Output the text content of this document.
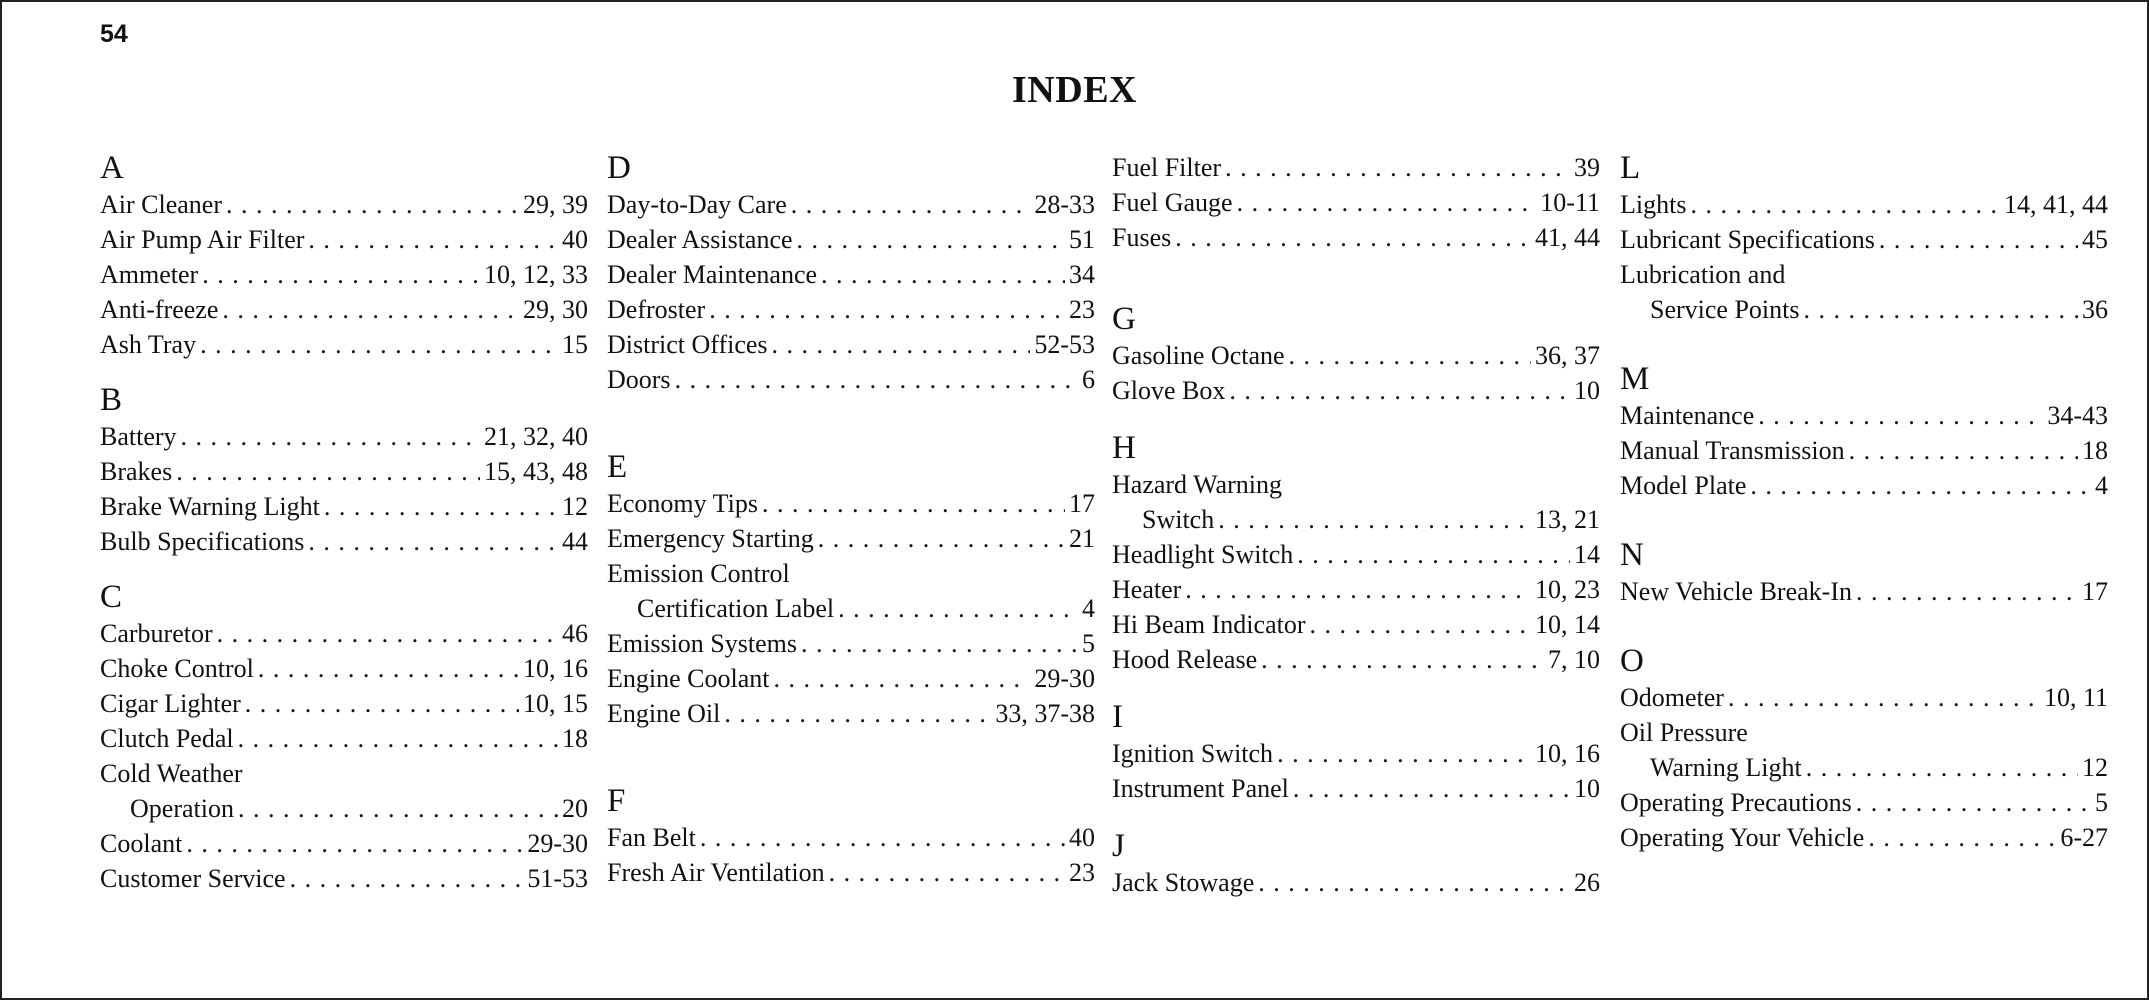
54
INDEX
A
Air Cleaner . . .	29, 39
Air Pump Air Filter . . .	40
Ammeter . . .	10, 12, 33
Anti-freeze . . .	29, 30
Ash Tray . . .	15
B
Battery . . .	21, 32, 40
Brakes . . .	15, 43, 48
Brake Warning Light . . .	12
Bulb Specifications . . .	44
C
Carburetor . . .	46
Choke Control . . .	10, 16
Cigar Lighter . . .	10, 15
Clutch Pedal . . .	18
Cold Weather
Operation . . .	20
Coolant . . .	29-30
Customer Service . . .	51-53
D
Day-to-Day Care . . .	28-33
Dealer Assistance . . .	51
Dealer Maintenance . . .	34
Defroster . . .	23
District Offices . . .	52-53
Doors . . .	6
E
Economy Tips . . .	17
Emergency Starting . . .	21
Emission Control
Certification Label . . .	4
Emission Systems . . .	5
Engine Coolant . . .	29-30
Engine Oil . . .	33, 37-38
F
Fan Belt . . .	40
Fresh Air Ventilation . . .	23
Fuel Filter . . .	39
Fuel Gauge . . .	10-11
Fuses . . .	41, 44
G
Gasoline Octane . . .	36, 37
Glove Box . . .	10
H
Hazard Warning
Switch . . .	13, 21
Headlight Switch . . .	14
Heater . . .	10, 23
Hi Beam Indicator . . .	10, 14
Hood Release . . .	7, 10
I
Ignition Switch . . .	10, 16
Instrument Panel . . .	10
J
Jack Stowage . . .	26
L
Lights . . .	14, 41, 44
Lubricant Specifications . . .	45
Lubrication and
Service Points . . .	36
M
Maintenance . . .	34-43
Manual Transmission . . .	18
Model Plate . . .	4
N
New Vehicle Break-In . . .	17
O
Odometer . . .	10, 11
Oil Pressure
Warning Light . . .	12
Operating Precautions . . .	5
Operating Your Vehicle . . .	6-27
